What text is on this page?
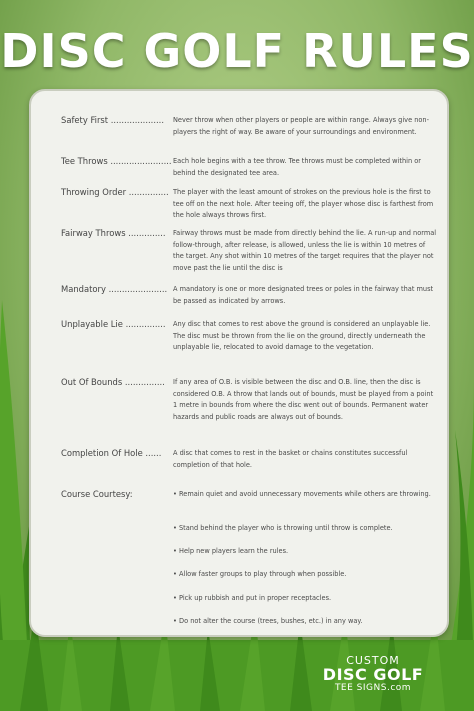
DISC GOLF RULES
Safety First ....................	Never throw when other players or people are within range. Always give non-players the right of way. Be aware of your surroundings and environment.
Tee Throws ....................... Each hole begins with a tee throw. Tee throws must be completed within or behind the designated tee area.
Throwing Order ............... The player with the least amount of strokes on the previous hole is the first to tee off on the next hole. After teeing off, the player whose disc is farthest from the hole always throws first.
Fairway Throws ..............	Fairway throws must be made from directly behind the lie. A run-up and normal follow-through, after release, is allowed, unless the lie is within 10 metres of the target. Any shot within 10 metres of the target requires that the player not move past the lie until the disc is
Mandatory ...................... A mandatory is one or more designated trees or poles in the fairway that must be passed as indicated by arrows.
Unplayable Lie ...............	Any disc that comes to rest above the ground is considered an unplayable lie. The disc must be thrown from the lie on the ground, directly underneath the unplayable lie, relocated to avoid damage to the vegetation.
Out Of Bounds ...............	If any area of O.B. is visible between the disc and O.B. line, then the disc is considered O.B. A throw that lands out of bounds, must be played from a point 1 metre in bounds from where the disc went out of bounds. Permanent water hazards and public roads are always out of bounds.
Completion Of Hole ......	A disc that comes to rest in the basket or chains constitutes successful completion of that hole.
Course Courtesy:	• Remain quiet and avoid unnecessary movements while others are throwing.
• Stand behind the player who is throwing until throw is complete.
• Help new players learn the rules.
• Allow faster groups to play through when possible.
• Pick up rubbish and put in proper receptacles.
• Do not alter the course (trees, bushes, etc.) in any way.
CUSTOM
DISC GOLF
TEE SIGNS.com
